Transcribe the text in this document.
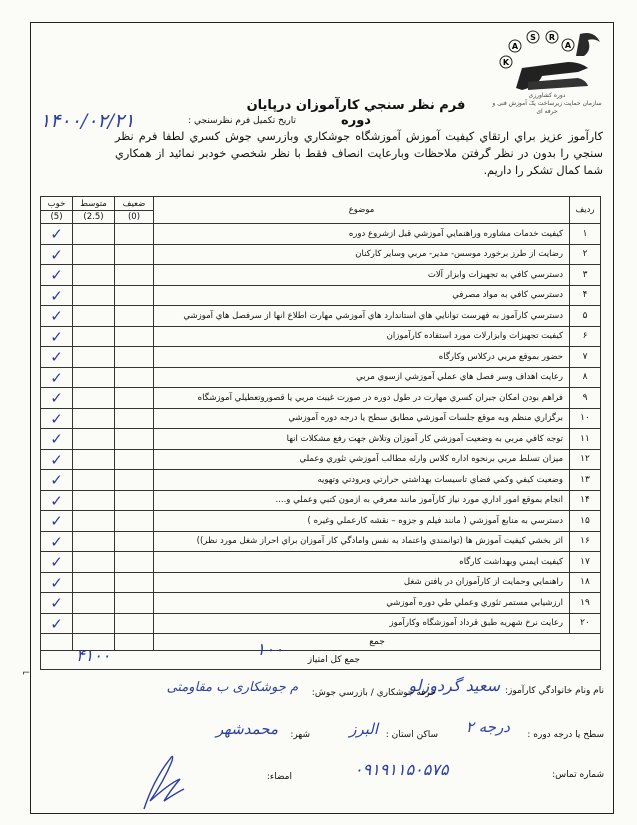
K
A
S R
A
دوره کشاورزی
سازمان حمایت زیرساخت یک آموزش فنی و حرفه ای
فرم نظر سنجي كارآموزان درپايان دوره
تاريخ تكميل فرم نظرسنجي :
۱۴۰۰/۰۲/۲۱
كارآموز عزيز براي ارتقاي كيفيت آموزش آموزشگاه جوشكاري وبازرسي جوش كسري لطفا فرم نظر سنجي را بدون در نظر گرفتن ملاحظات وبارعايت انصاف فقط با نظر شخصي خودبر نمائيد از همكاري شما كمال تشكر را داريم.
رديف	موضوع	ضعيف	متوسط	خوب
		(0)	(2.5)	(5)
۱	كيفيت خدمات مشاوره وراهنمايي آموزشي قبل ازشروع دوره			✓
۲	رضايت از طرز برخورد موسس- مدير- مربي وساير كاركنان			✓
۳	دسترسي كافي به تجهيزات وابزار آلات			✓
۴	دسترسي كافي به مواد مصرفي			✓
۵	دسترسي كارآموز به فهرست توانايي هاي استاندارد هاي آموزشي مهارت اطلاع انها از سرفصل هاي آموزشي			✓
۶	كيفيت تجهيزات وابزارلات مورد استفاده كارآموزان			✓
۷	حضور بموقع مربي دركلاس وكارگاه			✓
۸	رعايت اهداف وسر فصل هاي عملي آموزشي ازسوي مربي			✓
۹	فراهم بودن امكان جبران كسري مهارت در طول دوره در صورت غيبت مربي يا قصوروتعطيلي آموزشگاه			✓
۱۰	برگزاري منظم وبه موقع جلسات آموزشي مطابق سطح يا درجه دوره آموزشي			✓
۱۱	توجه كافي مربي به وضعيت آموزشي كار آموزان وتلاش جهت رفع مشكلات انها			✓
۱۲	ميزان تسلط مربي برنحوه اداره كلاس وارئه مطالب آموزشي تئوري وعملي			✓
۱۳	وضعيت كيفي وكمي فضاي تاسيسات بهداشتي حرارتي وبرودتي وتهويه			✓
۱۴	انجام بموقع امور اداري مورد نياز كارآموز مانند معرفي به ازمون كتبي وعملي و....			✓
۱۵	دسترسي به منابع آموزشي ( مانند فيلم و جزوه – نقشه كارعملي وغيره )			✓
۱۶	اثر بخشي كيفيت آموزش ها (توانمندي واعتماد به نفس وامادگي كار آموزان براي احراز شغل مورد نظر))			✓
۱۷	كيفيت ايمني وبهداشت كارگاه			✓
۱۸	راهنمايي وحمايت از كارآموزان در يافتن شغل			✓
۱۹	ارزشيابي مستمر تئوري وعملي طي دوره آموزشي			✓
۲۰	رعايت نرخ شهريه طبق قرداد آموزشگاه وكارآموز			✓
جمع				
جمع كل امتياز				
۱۰۰
۴۱۰۰
نام ونام خانوادگي كارآموز:
سعید گردوزلو
حرفه جوشكاري / بازرسي جوش:
م جوشکاری ب مقاومتی
سطح يا درجه دوره :
درجه ۲
ساكن استان :
البرز
شهر:
محمدشهر
شماره تماس:
۰۹۱۹۱۱۵۰۵۷۵
امضاء:
⌐
